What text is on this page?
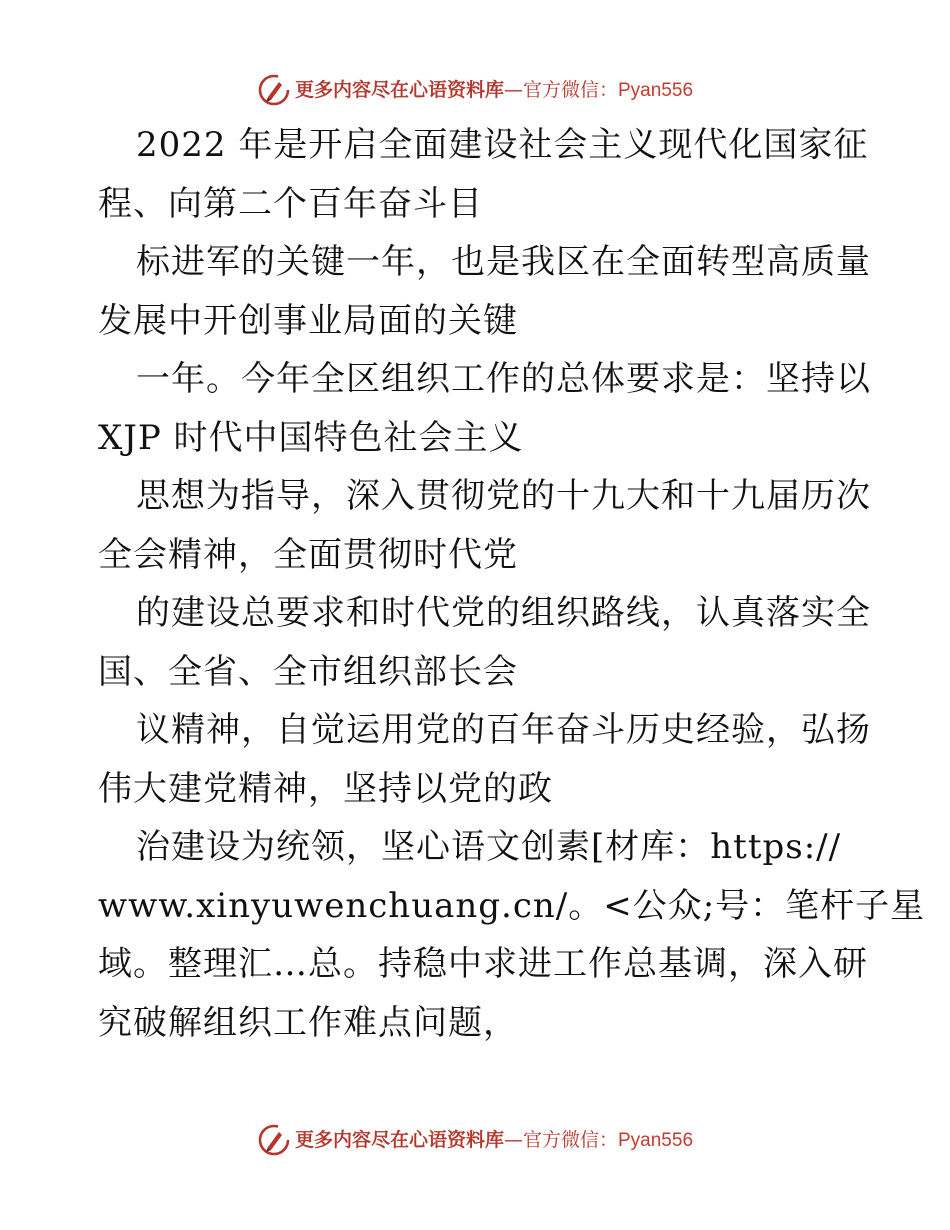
更多内容尽在心语资料库 — 官方微信： Pyan556
2022 年是开启全面建设社会主义现代化国家征
程、向第二个百年奋斗目
标进军的关键一年，也是我区在全面转型高质量
发展中开创事业局面的关键
一年。今年全区组织工作的总体要求是：坚持以
XJP 时代中国特色社会主义
思想为指导，深入贯彻党的十九大和十九届历次
全会精神，全面贯彻时代党
的建设总要求和时代党的组织路线，认真落实全
国、全省、全市组织部长会
议精神，自觉运用党的百年奋斗历史经验，弘扬
伟大建党精神，坚持以党的政
治建设为统领，坚心语文创素[材库：https://
www.xinyuwenchuang.cn/。<公众;号：笔杆子星
域。整理汇…总。持稳中求进工作总基调，深入研
究破解组织工作难点问题，
更多内容尽在心语资料库 — 官方微信： Pyan556
